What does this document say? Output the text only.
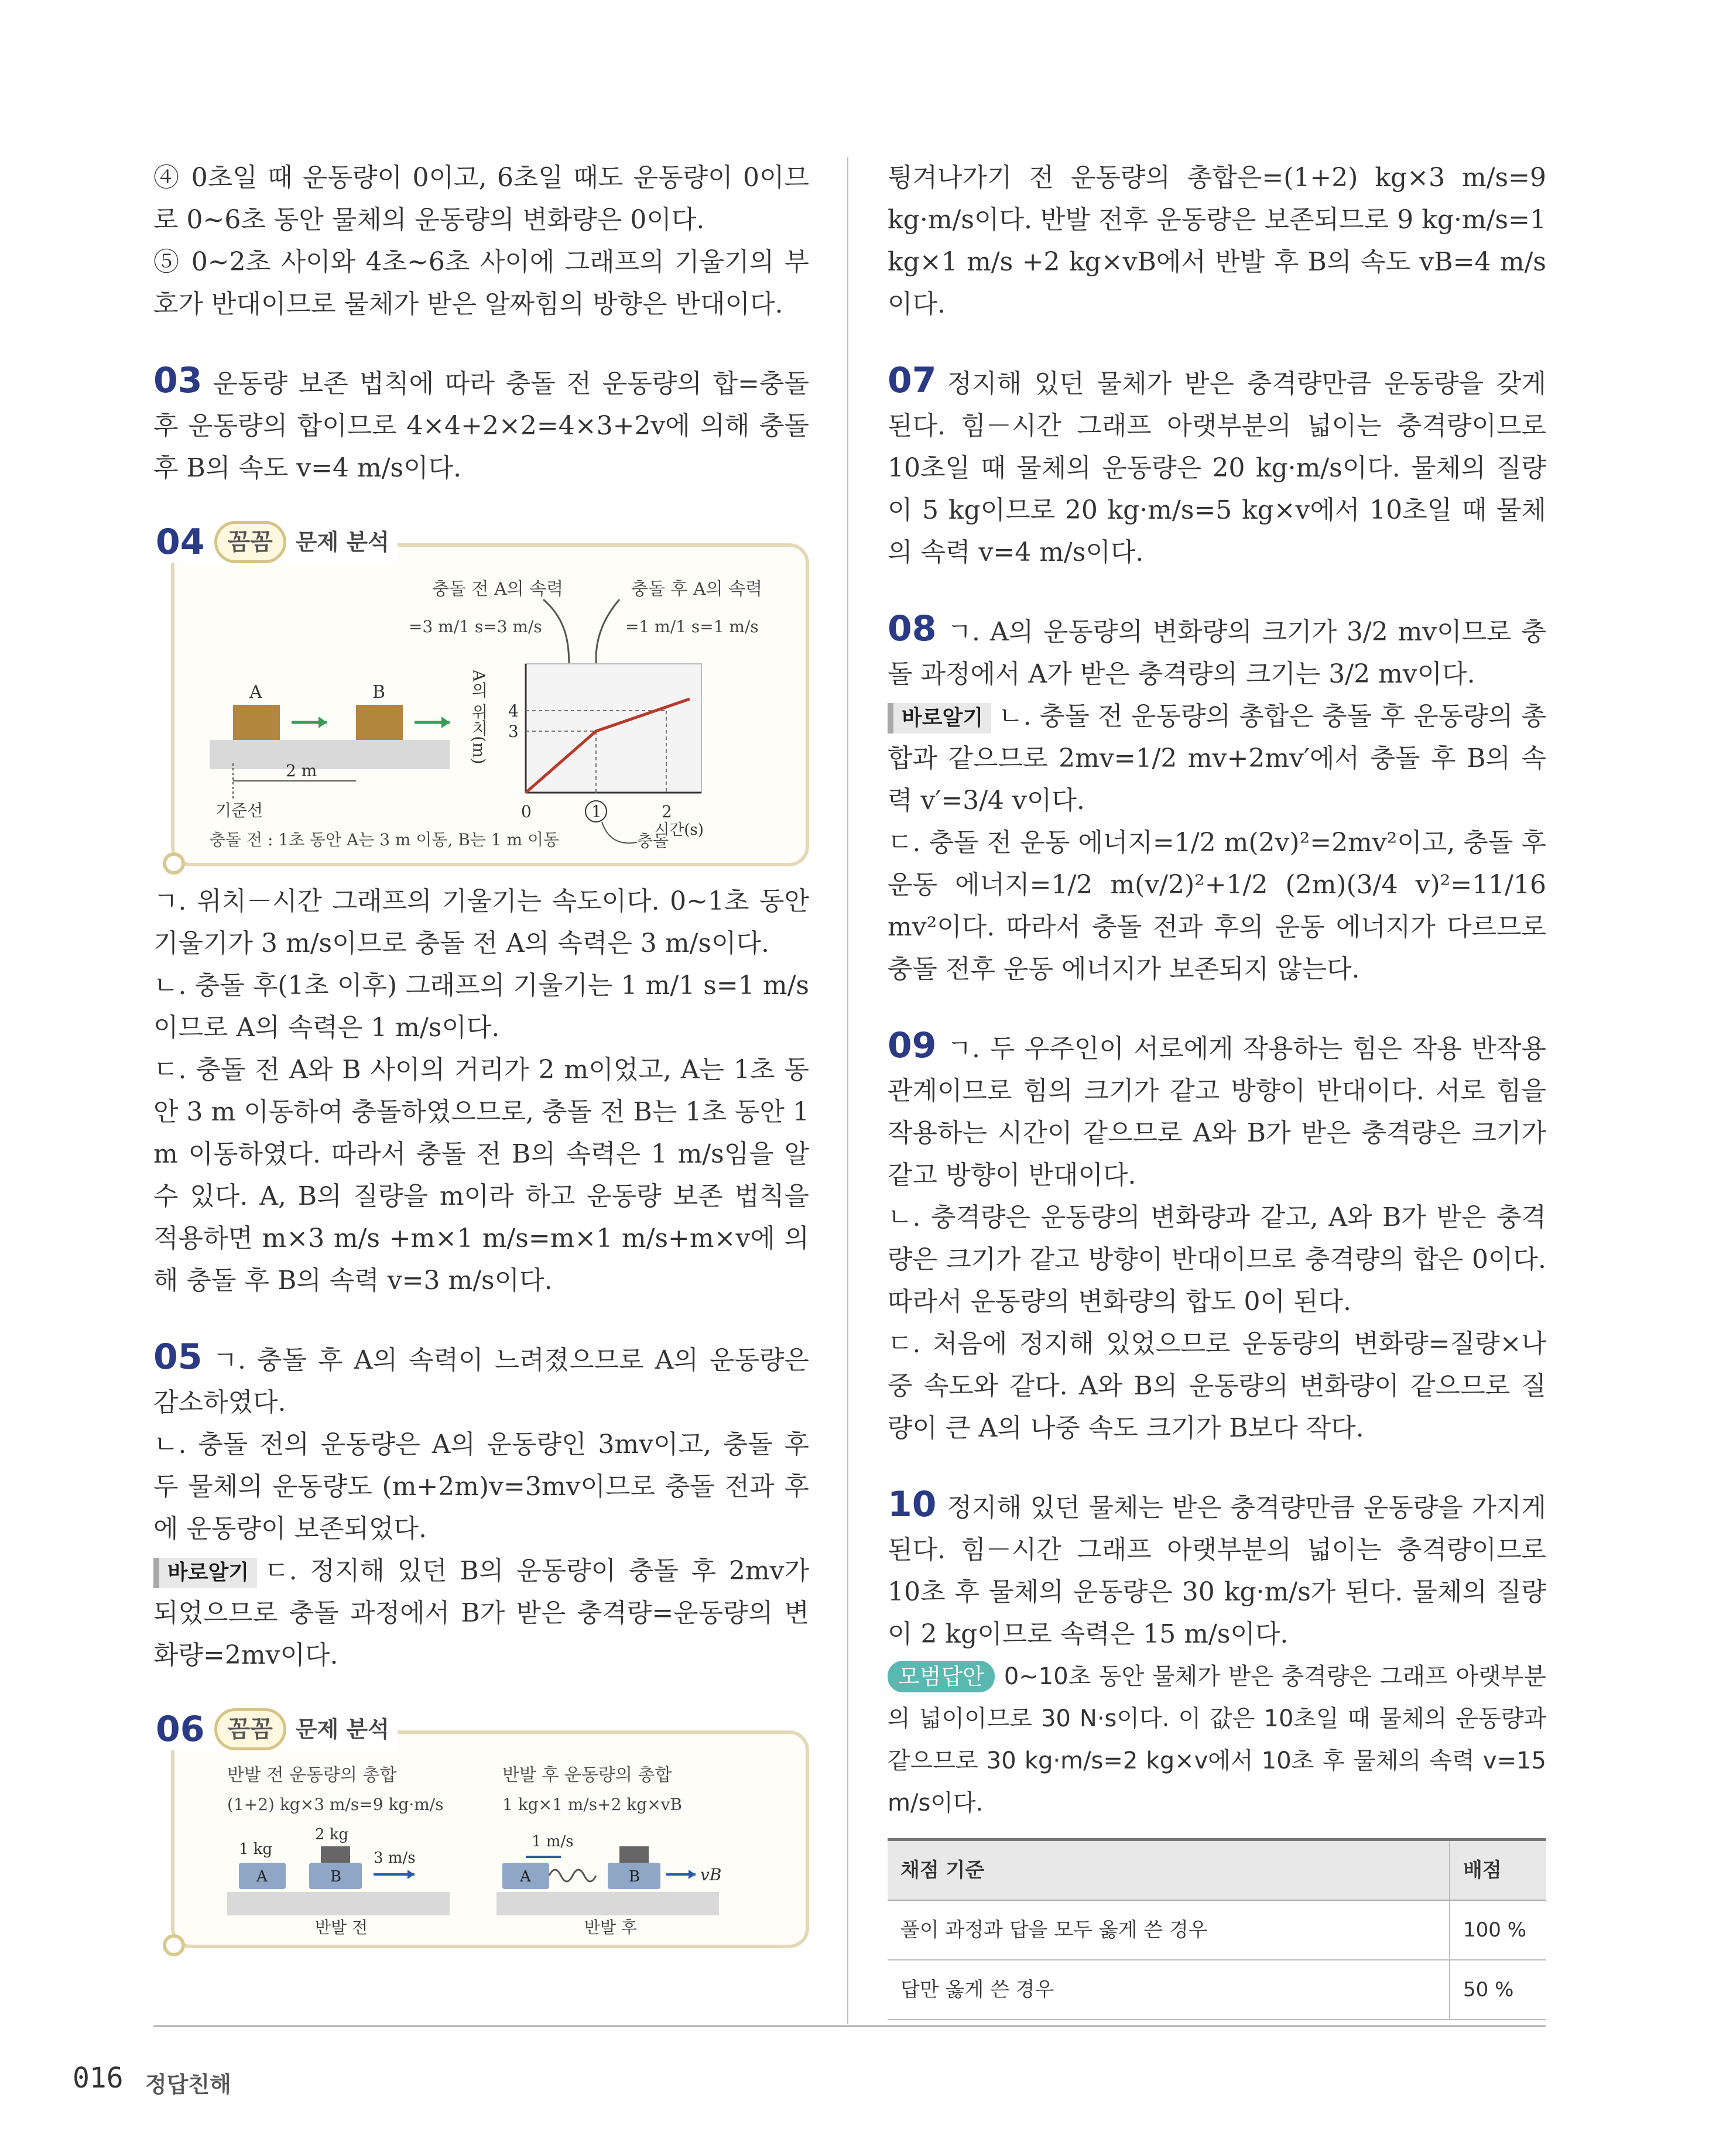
④ 0초일 때 운동량이 0이고, 6초일 때도 운동량이 0이므로 0~6초 동안 물체의 운동량의 변화량은 0이다.

⑤ 0~2초 사이와 4초~6초 사이에 그래프의 기울기의 부호가 반대이므로 물체가 받은 알짜힘의 방향은 반대이다.

03 운동량 보존 법칙에 따라 충돌 전 운동량의 합=충돌 후 운동량의 합이므로 4×4+2×2=4×3+2v에 의해 충돌 후 B의 속도 v=4 m/s이다.

04 꼼꼼	문제 분석
충돌 전 A의 속력
=3 m/1 s=3 m/s
충돌 후 A의 속력
=1 m/1 s=1 m/s
A	B
2 m
기준선
A의 위치(m) 4
3
0	1	2
시간(s)
충돌
충돌 전 : 1초 동안 A는 3 m 이동, B는 1 m 이동

ㄱ. 위치－시간 그래프의 기울기는 속도이다. 0~1초 동안 기울기가 3 m/s이므로 충돌 전 A의 속력은 3 m/s이다.

ㄴ. 충돌 후(1초 이후) 그래프의 기울기는 1 m/1 s=1 m/s이므로 A의 속력은 1 m/s이다.

ㄷ. 충돌 전 A와 B 사이의 거리가 2 m이었고, A는 1초 동안 3 m 이동하여 충돌하였으므로, 충돌 전 B는 1초 동안 1 m 이동하였다. 따라서 충돌 전 B의 속력은 1 m/s임을 알 수 있다. A, B의 질량을 m이라 하고 운동량 보존 법칙을 적용하면 m×3 m/s +m×1 m/s=m×1 m/s+m×v에 의해 충돌 후 B의 속력 v=3 m/s이다.

05 ㄱ. 충돌 후 A의 속력이 느려졌으므로 A의 운동량은 감소하였다.

ㄴ. 충돌 전의 운동량은 A의 운동량인 3mv이고, 충돌 후 두 물체의 운동량도 (m+2m)v=3mv이므로 충돌 전과 후에 운동량이 보존되었다.

바로알기 ㄷ. 정지해 있던 B의 운동량이 충돌 후 2mv가 되었으므로 충돌 과정에서 B가 받은 충격량=운동량의 변화량=2mv이다.

06 꼼꼼	문제 분석
반발 전 운동량의 총합
(1+2) kg×3 m/s=9 kg·m/s
반발 후 운동량의 총합
1 kg×1 m/s+2 kg×vB
A	B
1 kg
2 kg
3 m/s
반발 전
A	B
1 m/s
vB
반발 후

튕겨나가기 전 운동량의 총합은=(1+2) kg×3 m/s=9 kg·m/s이다. 반발 전후 운동량은 보존되므로 9 kg·m/s=1 kg×1 m/s +2 kg×vB에서 반발 후 B의 속도 vB=4 m/s이다.

07 정지해 있던 물체가 받은 충격량만큼 운동량을 갖게 된다. 힘－시간 그래프 아랫부분의 넓이는 충격량이므로 10초일 때 물체의 운동량은 20 kg·m/s이다. 물체의 질량이 5 kg이므로 20 kg·m/s=5 kg×v에서 10초일 때 물체의 속력 v=4 m/s이다.

08 ㄱ. A의 운동량의 변화량의 크기가 3/2 mv이므로 충돌 과정에서 A가 받은 충격량의 크기는 3/2 mv이다.

바로알기 ㄴ. 충돌 전 운동량의 총합은 충돌 후 운동량의 총합과 같으므로 2mv=1/2 mv+2mv′에서 충돌 후 B의 속력 v′=3/4 v이다.

ㄷ. 충돌 전 운동 에너지=1/2 m(2v)²=2mv²이고, 충돌 후 운동 에너지=1/2 m(v/2)²+1/2 (2m)(3/4 v)²=11/16 mv²이다. 따라서 충돌 전과 후의 운동 에너지가 다르므로 충돌 전후 운동 에너지가 보존되지 않는다.

09 ㄱ. 두 우주인이 서로에게 작용하는 힘은 작용 반작용 관계이므로 힘의 크기가 같고 방향이 반대이다. 서로 힘을 작용하는 시간이 같으므로 A와 B가 받은 충격량은 크기가 같고 방향이 반대이다.

ㄴ. 충격량은 운동량의 변화량과 같고, A와 B가 받은 충격량은 크기가 같고 방향이 반대이므로 충격량의 합은 0이다. 따라서 운동량의 변화량의 합도 0이 된다.

ㄷ. 처음에 정지해 있었으므로 운동량의 변화량=질량×나중 속도와 같다. A와 B의 운동량의 변화량이 같으므로 질량이 큰 A의 나중 속도 크기가 B보다 작다.

10 정지해 있던 물체는 받은 충격량만큼 운동량을 가지게 된다. 힘－시간 그래프 아랫부분의 넓이는 충격량이므로 10초 후 물체의 운동량은 30 kg·m/s가 된다. 물체의 질량이 2 kg이므로 속력은 15 m/s이다.

모범답안 0~10초 동안 물체가 받은 충격량은 그래프 아랫부분의 넓이이므로 30 N·s이다. 이 값은 10초일 때 물체의 운동량과 같으므로 30 kg·m/s=2 kg×v에서 10초 후 물체의 속력 v=15 m/s이다.

채점 기준	배점
풀이 과정과 답을 모두 옳게 쓴 경우	100 %
답만 옳게 쓴 경우	50 %
016 정답친해
